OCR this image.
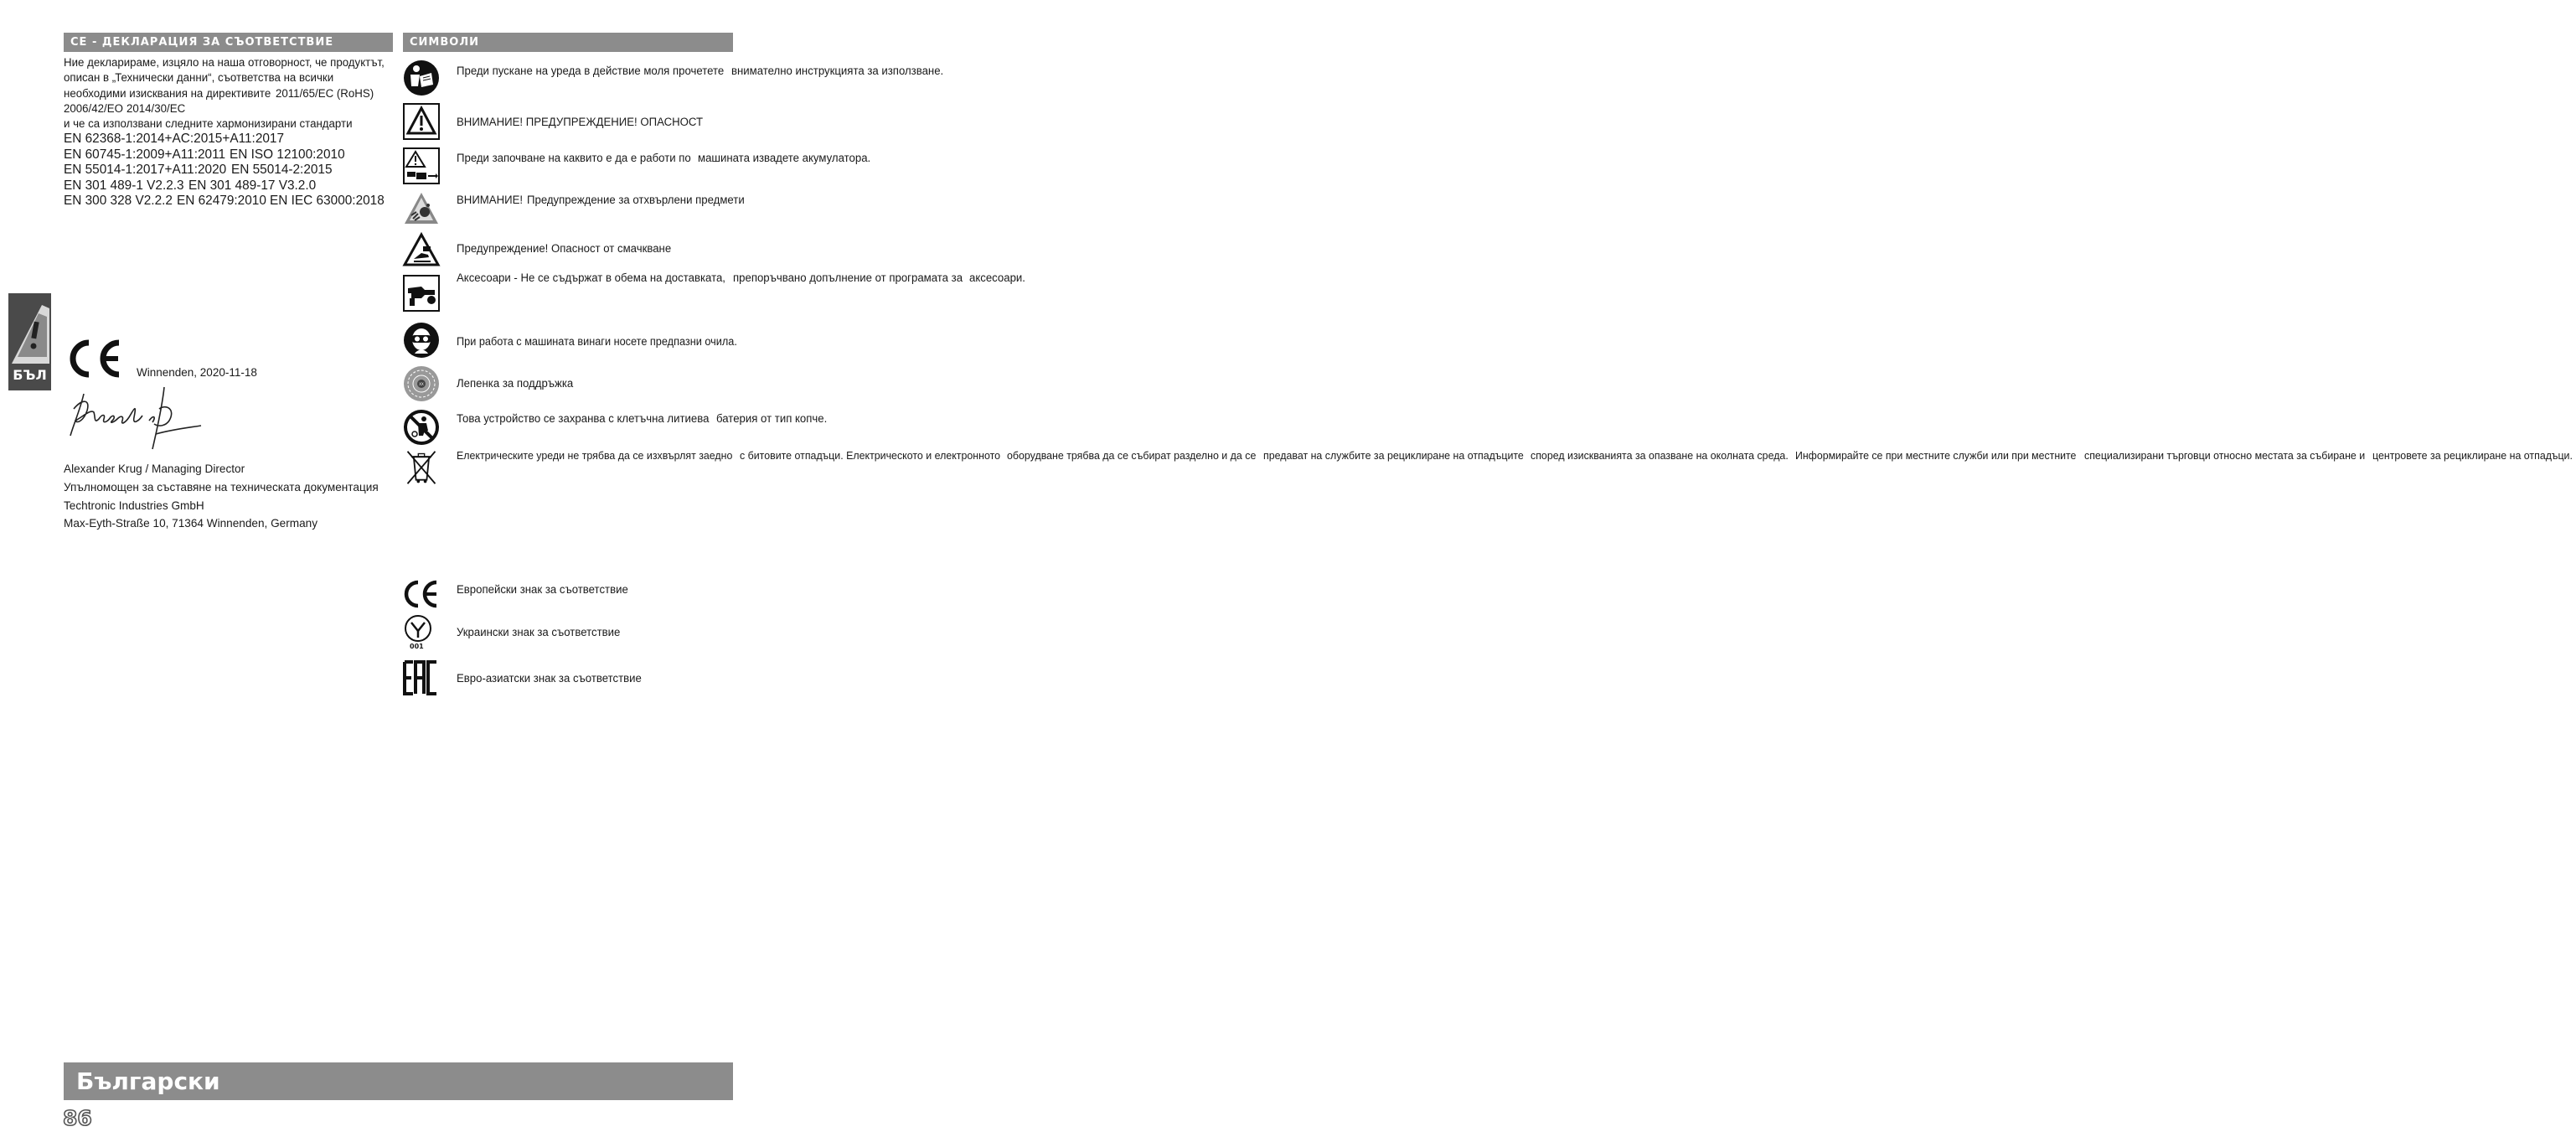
CE - ДЕКЛАРАЦИЯ ЗА СЪОТВЕТСТВИЕ
Ние декларираме, изцяло на наша отговорност, че продуктът, описан в „Технически данни“, съответства на всички необходими изисквания на директивите 2011/65/EC (RoHS) 2006/42/EO 2014/30/EC и че са използвани следните хармонизирани стандарти EN 62368-1:2014+AC:2015+A11:2017 EN 60745-1:2009+A11:2011 EN ISO 12100:2010 EN 55014-1:2017+A11:2020 EN 55014-2:2015 EN 301 489-1 V2.2.3 EN 301 489-17 V3.2.0 EN 300 328 V2.2.2 EN 62479:2010 EN IEC 63000:2018
Winnenden, 2020-11-18
Alexander Krug / Managing Director
Упълномощен за съставяне на техническата документация
Techtronic Industries GmbH
Max-Eyth-Straße 10, 71364 Winnenden, Germany
БЪЛ
СИМВОЛИ
Преди пускане на уреда в действие моля прочетете внимателно инструкцията за използване.
ВНИМАНИЕ! ПРЕДУПРЕЖДЕНИЕ! ОПАСНОСТ
Преди започване на каквито е да е работи по машината извадете акумулатора.
ВНИМАНИЕ! Предупреждение за отхвърлени предмети
Предупреждение! Опасност от смачкване
Аксесоари - Не се съдържат в обема на доставката, препоръчвано допълнение от програмата за аксесоари.
При работа с машината винаги носете предпазни очила.
XX	Лепенка за поддръжка
Това устройство се захранва с клетъчна литиева батерия от тип копче.
Електрическите уреди не трябва да се изхвърлят заедно с битовите отпадъци. Електрическото и електронното оборудване трябва да се събират разделно и да се предават на службите за рециклиране на отпадъците според изискванията за опазване на околната среда. Информирайте се при местните служби или при местните специализирани търговци относно местата за събиране и центровете за рециклиране на отпадъци.
Европейски знак за съответствие
001
Украински знак за съответствие
Евро-азиатски знак за съответствие
Български
86
